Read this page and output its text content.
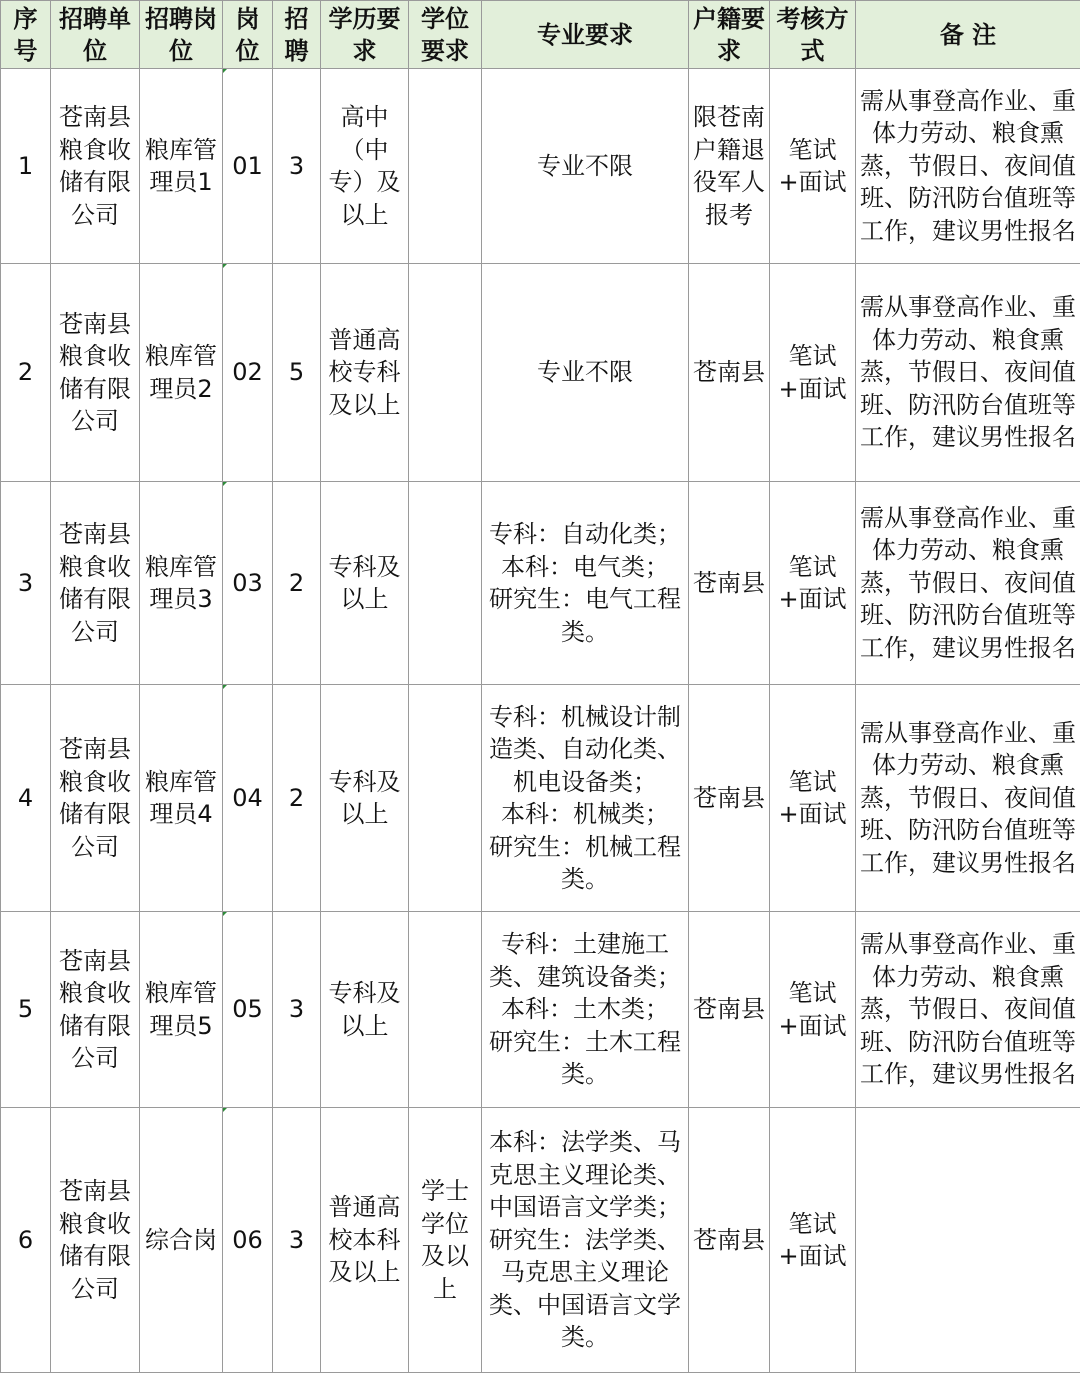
序号	招聘单位	招聘岗位	岗位	招聘	学历要求	学位要求	专业要求	户籍要求	考核方式	备 注
1	苍南县粮食收储有限公司	粮库管理员1	01	3	高中（中专）及以上		专业不限	限苍南户籍退役军人报考	笔试+面试	需从事登高作业、重体力劳动、粮食熏蒸，节假日、夜间值班、防汛防台值班等工作，建议男性报名
2	苍南县粮食收储有限公司	粮库管理员2	02	5	普通高校专科及以上		专业不限	苍南县	笔试+面试	需从事登高作业、重体力劳动、粮食熏蒸，节假日、夜间值班、防汛防台值班等工作，建议男性报名
3	苍南县粮食收储有限公司	粮库管理员3	03	2	专科及以上		专科：自动化类；
本科：电气类；
研究生：电气工程类。	苍南县	笔试+面试	需从事登高作业、重体力劳动、粮食熏蒸，节假日、夜间值班、防汛防台值班等工作，建议男性报名
4	苍南县粮食收储有限公司	粮库管理员4	04	2	专科及以上		专科：机械设计制造类、自动化类、机电设备类；
本科：机械类；
研究生：机械工程类。	苍南县	笔试+面试	需从事登高作业、重体力劳动、粮食熏蒸，节假日、夜间值班、防汛防台值班等工作，建议男性报名
5	苍南县粮食收储有限公司	粮库管理员5	05	3	专科及以上		专科：土建施工类、建筑设备类；
本科：土木类；
研究生：土木工程类。	苍南县	笔试+面试	需从事登高作业、重体力劳动、粮食熏蒸，节假日、夜间值班、防汛防台值班等工作，建议男性报名
6	苍南县粮食收储有限公司	综合岗	06	3	普通高校本科及以上	学士学位及以上	本科：法学类、马克思主义理论类、中国语言文学类；
研究生：法学类、马克思主义理论类、中国语言文学类。	苍南县	笔试+面试	
